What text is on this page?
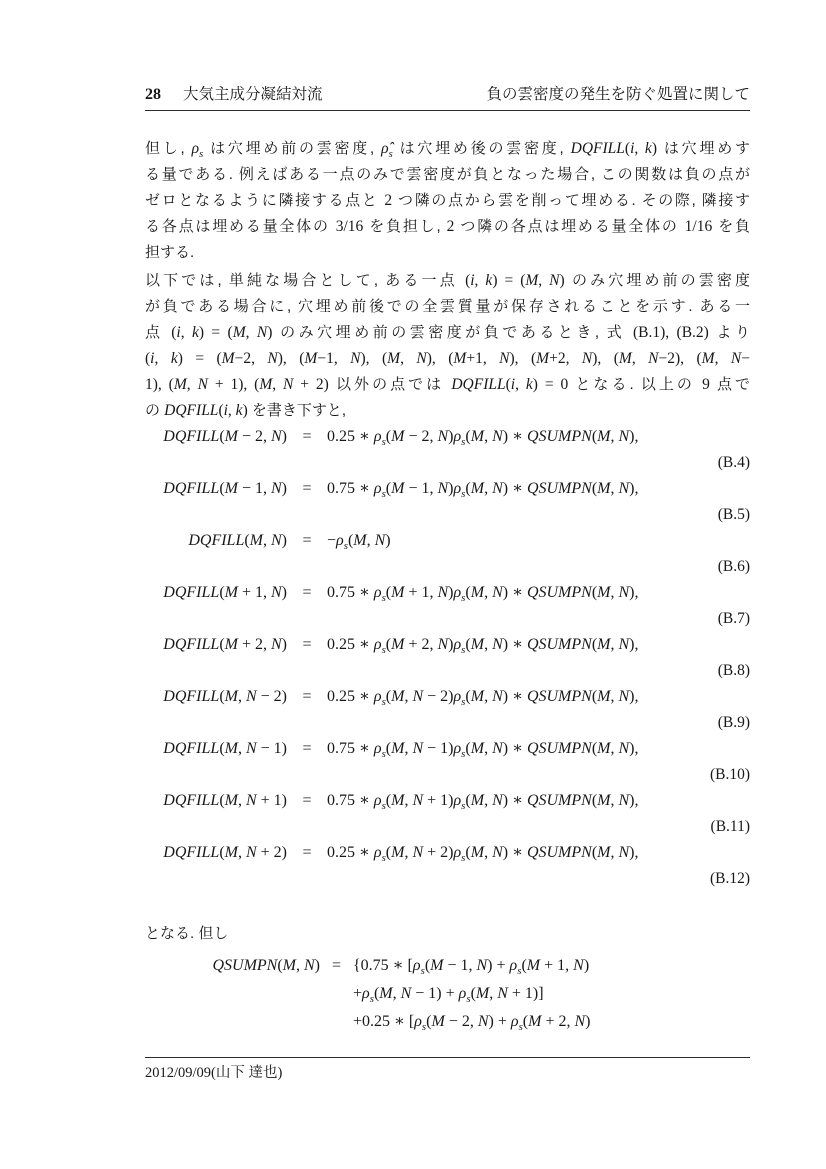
28 大気主成分凝結対流	負の雲密度の発生を防ぐ処置に関して
但し, $\rho_s$ は穴埋め前の雲密度, $\rhô_s$ は穴埋め後の雲密度, DQFILL(i, k) は穴埋めす
る量である. 例えばある一点のみで雲密度が負となった場合, この関数は負の点が
ゼロとなるように隣接する点と 2 つ隣の点から雲を削って埋める. その際, 隣接す
る各点は埋める量全体の 3/16 を負担し, 2 つ隣の各点は埋める量全体の 1/16 を負
担する.
以下では, 単純な場合として, ある一点 (i, k) = (M, N) のみ穴埋め前の雲密度
が負である場合に, 穴埋め前後での全雲質量が保存されることを示す. ある一
点 (i, k) = (M, N) のみ穴埋め前の雲密度が負であるとき, 式 (B.1), (B.2) より
(i, k) = (M−2, N), (M−1, N), (M, N), (M+1, N), (M+2, N), (M, N−2), (M, N−
1), (M, N + 1), (M, N + 2) 以外の点では DQFILL(i, k) = 0 となる. 以上の 9 点で
の DQFILL(i, k) を書き下すと,
DQFILL(M − 2, N) = 0.25 ∗ $\rho_s(M - 2$, $N)\rho_s(M$, N) ∗ QSUMPN(M, N),
(B.4)
DQFILL(M − 1, N) = 0.75 ∗ $\rho_s(M - 1$, $N)\rho_s(M$, N) ∗ QSUMPN(M, N),
(B.5)
DQFILL(M, $N) = -\rho_s(M$, N)
(B.6)
DQFILL(M + 1, N) = 0.75 ∗ $\rho_s(M + 1$, $N)\rho_s(M$, N) ∗ QSUMPN(M, N),
(B.7)
DQFILL(M + 2, N) = 0.25 ∗ $\rho_s(M + 2$, $N)\rho_s(M$, N) ∗ QSUMPN(M, N),
(B.8)
DQFILL(M, N − 2) = 0.25 ∗ $\rho_s(M$, $N - 2)\rho_s(M$, N) ∗ QSUMPN(M, N),
(B.9)
DQFILL(M, N − 1) = 0.75 ∗ $\rho_s(M$, $N - 1)\rho_s(M$, N) ∗ QSUMPN(M, N),
(B.10)
DQFILL(M, N + 1) = 0.75 ∗ $\rho_s(M$, $N + 1)\rho_s(M$, N) ∗ QSUMPN(M, N),
(B.11)
DQFILL(M, N + 2) = 0.25 ∗ $\rho_s(M$, $N + 2)\rho_s(M$, N) ∗ QSUMPN(M, N),
(B.12)
となる. 但し
QSUMPN(M, N) = {0.75 ∗ [$\rho_s(M - 1$, $N) + \rho_s(M + 1$, N)
$+\rho_s(M$, $N - 1) + \rho_s(M$, N + 1)]
+0.25 ∗ [$\rho_s(M - 2$, $N) + \rho_s(M + 2$, N)
2012/09/09(山下 達也)
